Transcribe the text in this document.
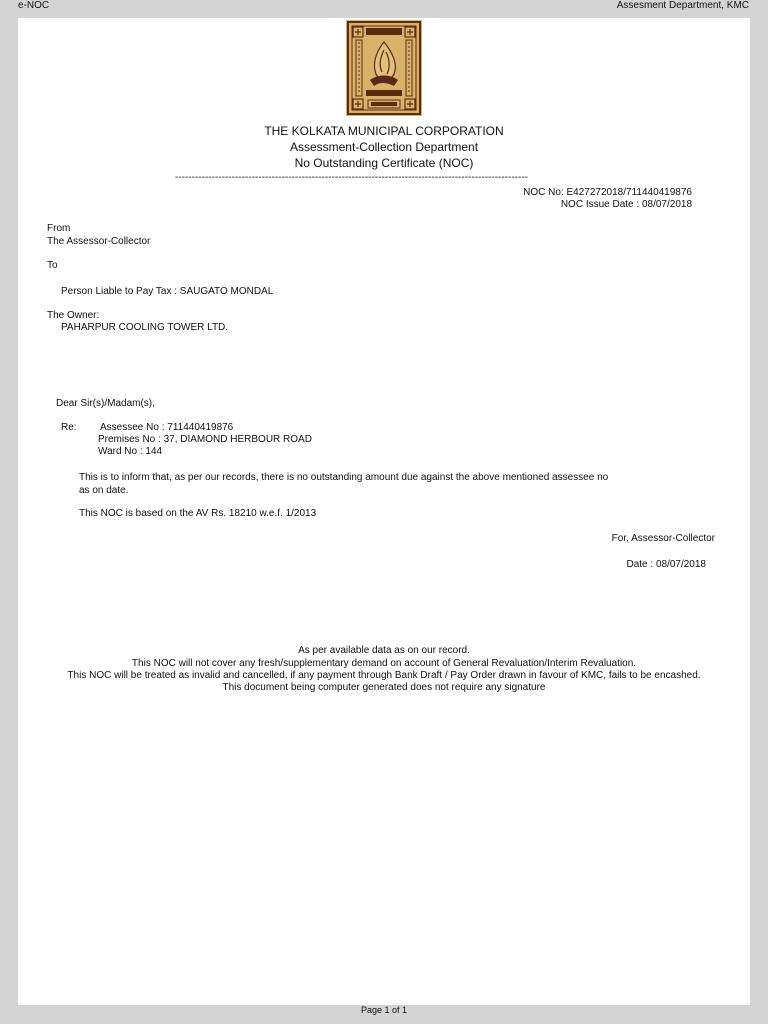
e-NOC	Assesment Department, KMC
THE KOLKATA MUNICIPAL CORPORATION
Assessment-Collection Department
No Outstanding Certificate (NOC)
----------------------------------------------------------------------------------------------------------
NOC No: E427272018/711440419876
NOC Issue Date : 08/07/2018
From
The Assessor-Collector
To
Person Liable to Pay Tax : SAUGATO MONDAL
The Owner:
PAHARPUR COOLING TOWER LTD.
Dear Sir(s)/Madam(s),
Re: Assessee No : 711440419876
Premises No : 37, DIAMOND HERBOUR ROAD
Ward No : 144
This is to inform that, as per our records, there is no outstanding amount due against the above mentioned assessee no
as on date.
This NOC is based on the AV Rs. 18210 w.e.f. 1/2013
For, Assessor-Collector
Date : 08/07/2018
As per available data as on our record.
This NOC will not cover any fresh/supplementary demand on account of General Revaluation/Interim Revaluation.
This NOC will be treated as invalid and cancelled, if any payment through Bank Draft / Pay Order drawn in favour of KMC, fails to be encashed.
This document being computer generated does not require any signature
Page 1 of 1
